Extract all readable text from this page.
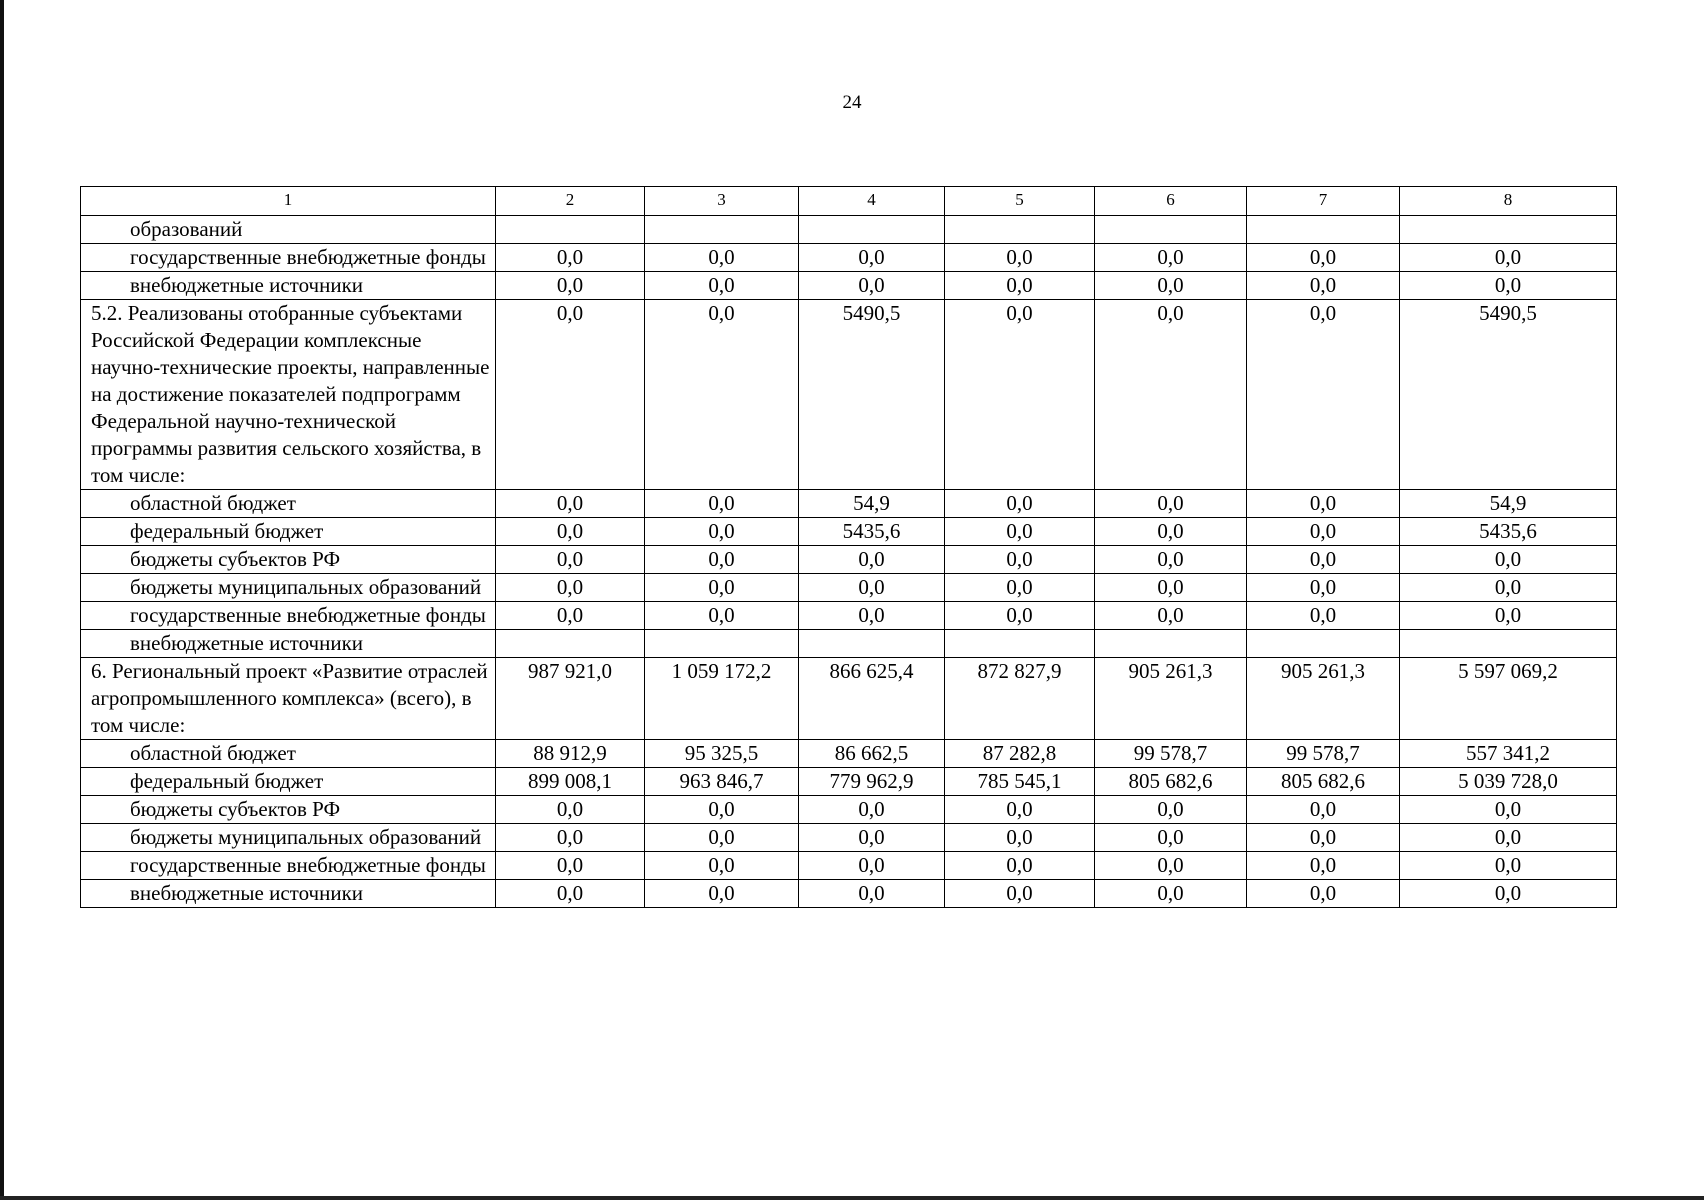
24
1	2	3	4	5	6	7	8
образований							
государственные внебюджетные фонды	0,0	0,0	0,0	0,0	0,0	0,0	0,0
внебюджетные источники	0,0	0,0	0,0	0,0	0,0	0,0	0,0
5.2. Реализованы отобранные субъектами Российской Федерации комплексные научно-технические проекты, направленные на достижение показателей подпрограмм Федеральной научно-технической программы развития сельского хозяйства, в том числе:	0,0	0,0	5490,5	0,0	0,0	0,0	5490,5
областной бюджет	0,0	0,0	54,9	0,0	0,0	0,0	54,9
федеральный бюджет	0,0	0,0	5435,6	0,0	0,0	0,0	5435,6
бюджеты субъектов РФ	0,0	0,0	0,0	0,0	0,0	0,0	0,0
бюджеты муниципальных образований	0,0	0,0	0,0	0,0	0,0	0,0	0,0
государственные внебюджетные фонды	0,0	0,0	0,0	0,0	0,0	0,0	0,0
внебюджетные источники							
6. Региональный проект «Развитие отраслей агропромышленного комплекса» (всего), в том числе:	987 921,0	1 059 172,2	866 625,4	872 827,9	905 261,3	905 261,3	5 597 069,2
областной бюджет	88 912,9	95 325,5	86 662,5	87 282,8	99 578,7	99 578,7	557 341,2
федеральный бюджет	899 008,1	963 846,7	779 962,9	785 545,1	805 682,6	805 682,6	5 039 728,0
бюджеты субъектов РФ	0,0	0,0	0,0	0,0	0,0	0,0	0,0
бюджеты муниципальных образований	0,0	0,0	0,0	0,0	0,0	0,0	0,0
государственные внебюджетные фонды	0,0	0,0	0,0	0,0	0,0	0,0	0,0
внебюджетные источники	0,0	0,0	0,0	0,0	0,0	0,0	0,0
